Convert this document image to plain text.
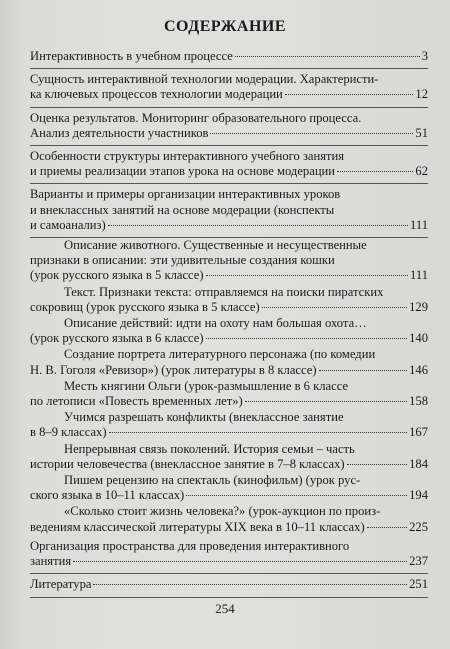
СОДЕРЖАНИЕ
Интерактивность в учебном процессе	3
Сущность интерактивной технологии модерации. Характеристи-
ка ключевых процессов технологии модерации	12
Оценка результатов. Мониторинг образовательного процесса.
Анализ деятельности участников	51
Особенности структуры интерактивного учебного занятия
и приемы реализации этапов урока на основе модерации	62
Варианты и примеры организации интерактивных уроков
и внеклассных занятий на основе модерации (конспекты
и самоанализ)	111
Описание животного. Существенные и несущественные
признаки в описании: эти удивительные создания кошки
(урок русского языка в 5 классе)	111
Текст. Признаки текста: отправляемся на поиски пиратских
сокровищ (урок русского языка в 5 классе)	129
Описание действий: идти на охоту нам большая охота…
(урок русского языка в 6 классе)	140
Создание портрета литературного персонажа (по комедии
Н. В. Гоголя «Ревизор») (урок литературы в 8 классе)	146
Месть княгини Ольги (урок-размышление в 6 классе
по летописи «Повесть временных лет»)	158
Учимся разрешать конфликты (внеклассное занятие
в 8–9 классах)	167
Непрерывная связь поколений. История семьи – часть
истории человечества (внеклассное занятие в 7–8 классах)	184
Пишем рецензию на спектакль (кинофильм) (урок рус-
ского языка в 10–11 классах)	194
«Сколько стоит жизнь человека?» (урок-аукцион по произ-
ведениям классической литературы XIX века в 10–11 классах)	225
Организация пространства для проведения интерактивного
занятия	237
Литература	251
254
